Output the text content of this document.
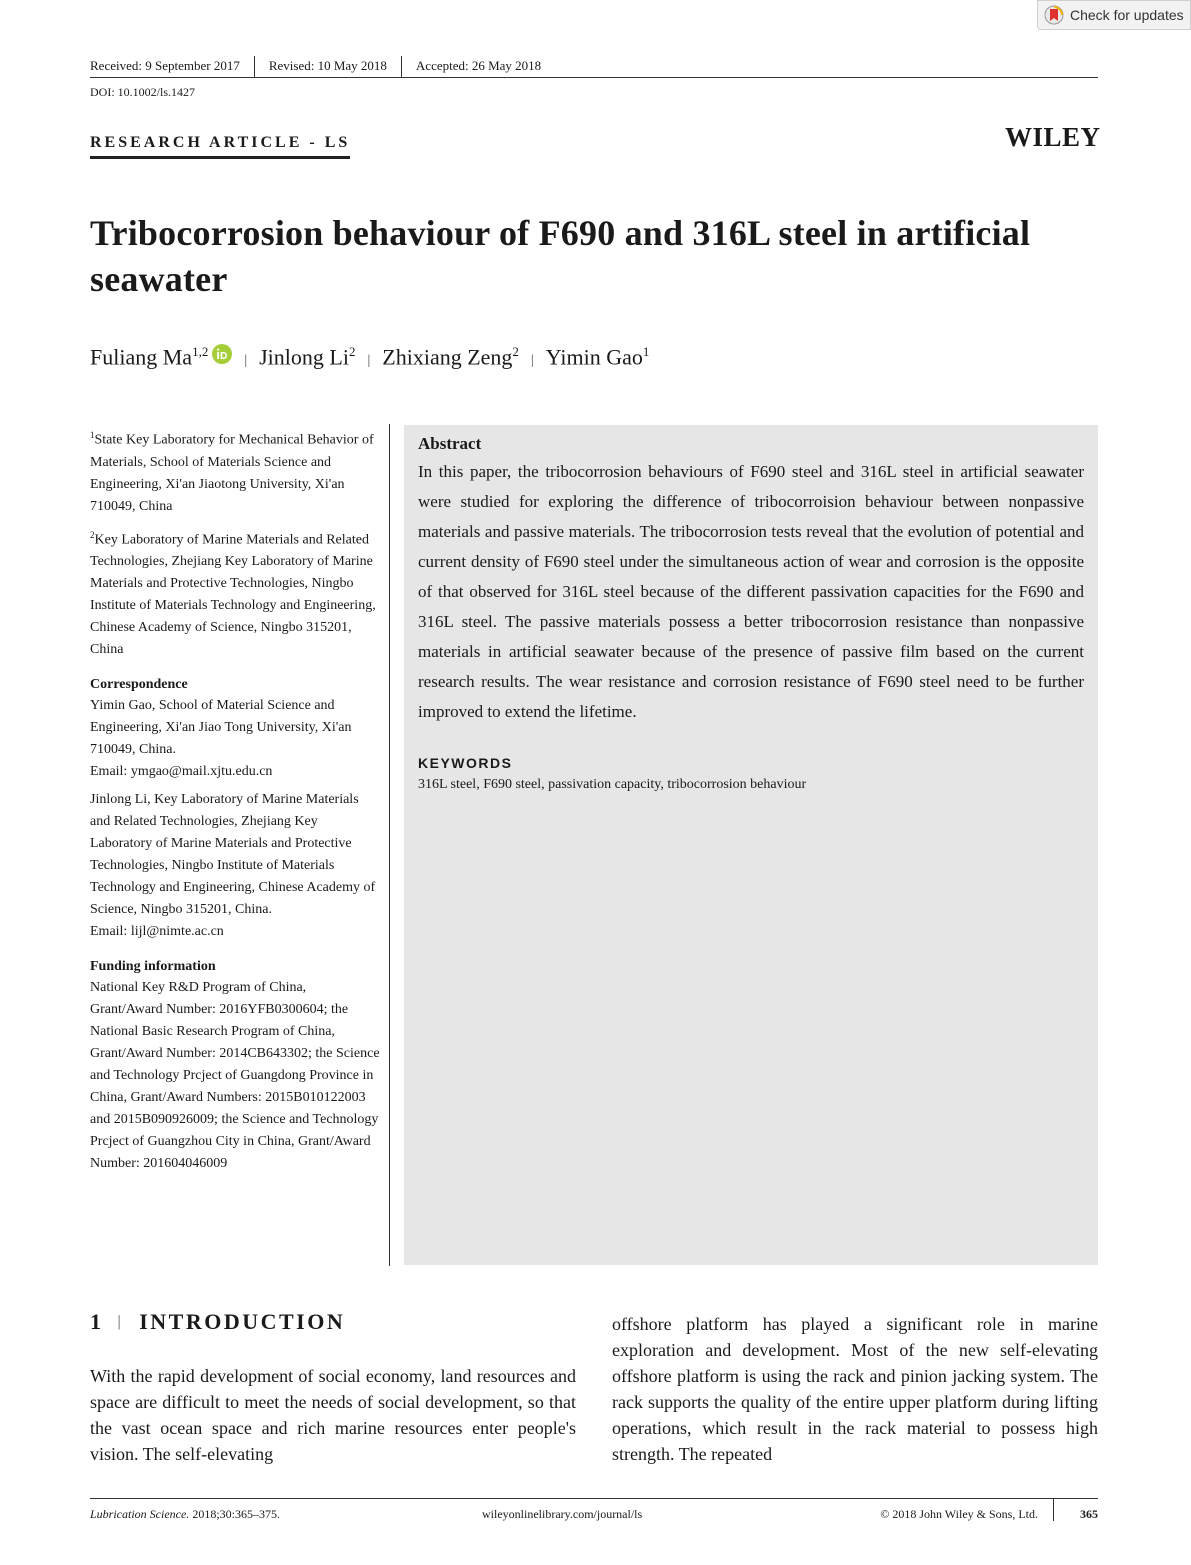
Check for updates
Received: 9 September 2017	Revised: 10 May 2018	Accepted: 26 May 2018
DOI: 10.1002/ls.1427
RESEARCH ARTICLE - LS	WILEY
Tribocorrosion behaviour of F690 and 316L steel in artificial seawater
Fuliang Ma$^{1,2}$
| Jinlong Li$^2$
| Zhixiang Zeng$^2$
| Yimin Gao$^1$

$^1$State Key Laboratory for Mechanical Behavior of Materials, School of Materials Science and Engineering, Xi'an Jiaotong University, Xi'an 710049, China

$^2$Key Laboratory of Marine Materials and Related Technologies, Zhejiang Key Laboratory of Marine Materials and Protective Technologies, Ningbo Institute of Materials Technology and Engineering, Chinese Academy of Science, Ningbo 315201, China

Correspondence

Yimin Gao, School of Material Science and Engineering, Xi'an Jiao Tong University, Xi'an 710049, China.

Email: ymgao@mail.xjtu.edu.cn

Jinlong Li, Key Laboratory of Marine Materials and Related Technologies, Zhejiang Key Laboratory of Marine Materials and Protective Technologies, Ningbo Institute of Materials Technology and Engineering, Chinese Academy of Science, Ningbo 315201, China.

Email: lijl@nimte.ac.cn

Funding information

National Key R&D Program of China, Grant/Award Number: 2016YFB0300604; the National Basic Research Program of China, Grant/Award Number: 2014CB643302; the Science and Technology Prcject of Guangdong Province in China, Grant/Award Numbers: 2015B010122003 and 2015B090926009; the Science and Technology Prcject of Guangzhou City in China, Grant/Award Number: 201604046009

Abstract

In this paper, the tribocorrosion behaviours of F690 steel and 316L steel in artificial seawater were studied for exploring the difference of tribocorroision behaviour between nonpassive materials and passive materials. The tribocorrosion tests reveal that the evolution of potential and current density of F690 steel under the simultaneous action of wear and corrosion is the opposite of that observed for 316L steel because of the different passivation capacities for the F690 and 316L steel. The passive materials possess a better tribocorrosion resistance than nonpassive materials in artificial seawater because of the presence of passive film based on the current research results. The wear resistance and corrosion resistance of F690 steel need to be further improved to extend the lifetime.

KEYWORDS
316L steel, F690 steel, passivation capacity, tribocorrosion behaviour
1 | INTRODUCTION

With the rapid development of social economy, land resources and space are difficult to meet the needs of social development, so that the vast ocean space and rich marine resources enter people's vision. The self-elevating

offshore platform has played a significant role in marine exploration and development. Most of the new self-elevating offshore platform is using the rack and pinion jacking system. The rack supports the quality of the entire upper platform during lifting operations, which result in the rack material to possess high strength. The repeated

Lubrication Science. 2018;30:365–375.	wileyonlinelibrary.com/journal/ls	© 2018 John Wiley & Sons, Ltd.	365
